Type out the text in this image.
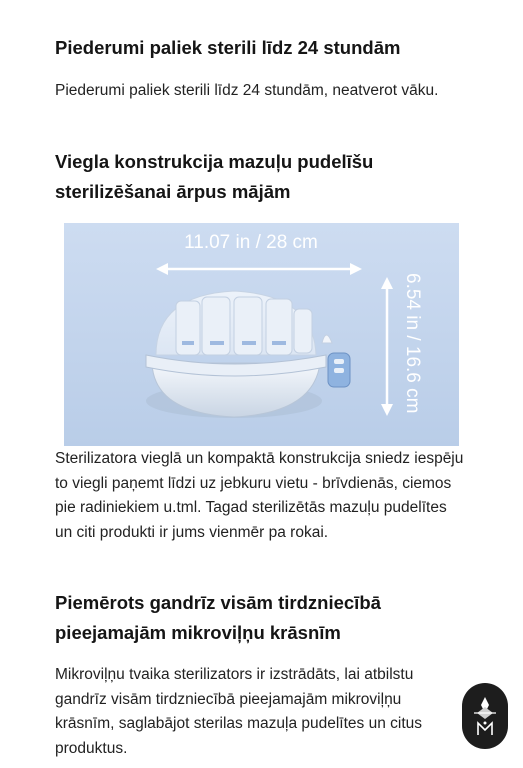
Piederumi paliek sterili līdz 24 stundām

Piederumi paliek sterili līdz 24 stundām, neatverot vāku.

Viegla konstrukcija mazuļu pudelīšu sterilizēšanai ārpus mājām

Sterilizatora vieglā un kompaktā konstrukcija sniedz iespēju to viegli paņemt līdzi uz jebkuru vietu - brīvdienās, ciemos pie radiniekiem u.tml. Tagad sterilizētās mazuļu pudelītes un citi produkti ir jums vienmēr pa rokai.

Piemērots gandrīz visām tirdzniecībā pieejamajām mikroviļņu krāsnīm

Mikroviļņu tvaika sterilizators ir izstrādāts, lai atbilstu gandrīz visām tirdzniecībā pieejamajām mikroviļņu krāsnīm, saglabājot sterilas mazuļa pudelītes un citus produktus.

11.07 in / 28 cm
6.54 in / 16.6 cm
